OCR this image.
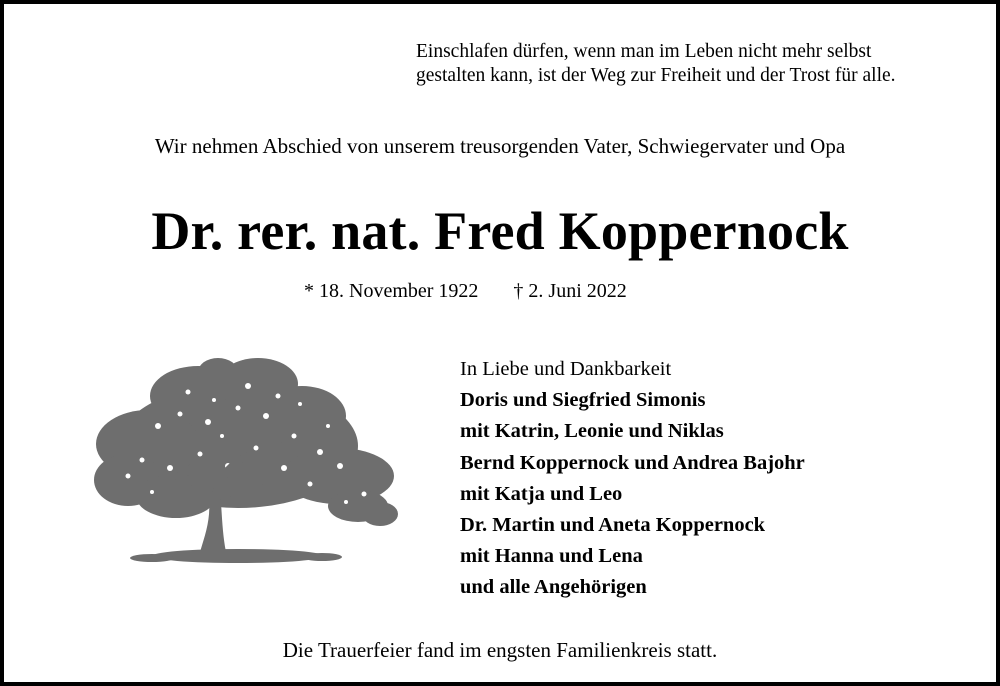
Einschlafen dürfen, wenn man im Leben nicht mehr selbst
gestalten kann, ist der Weg zur Freiheit und der Trost für alle.
Wir nehmen Abschied von unserem treusorgenden Vater, Schwiegervater und Opa
Dr. rer. nat. Fred Koppernock
* 18. November 1922 † 2. Juni 2022
In Liebe und Dankbarkeit
Doris und Siegfried Simonis
mit Katrin, Leonie und Niklas
Bernd Koppernock und Andrea Bajohr
mit Katja und Leo
Dr. Martin und Aneta Koppernock
mit Hanna und Lena
und alle Angehörigen
Die Trauerfeier fand im engsten Familienkreis statt.
